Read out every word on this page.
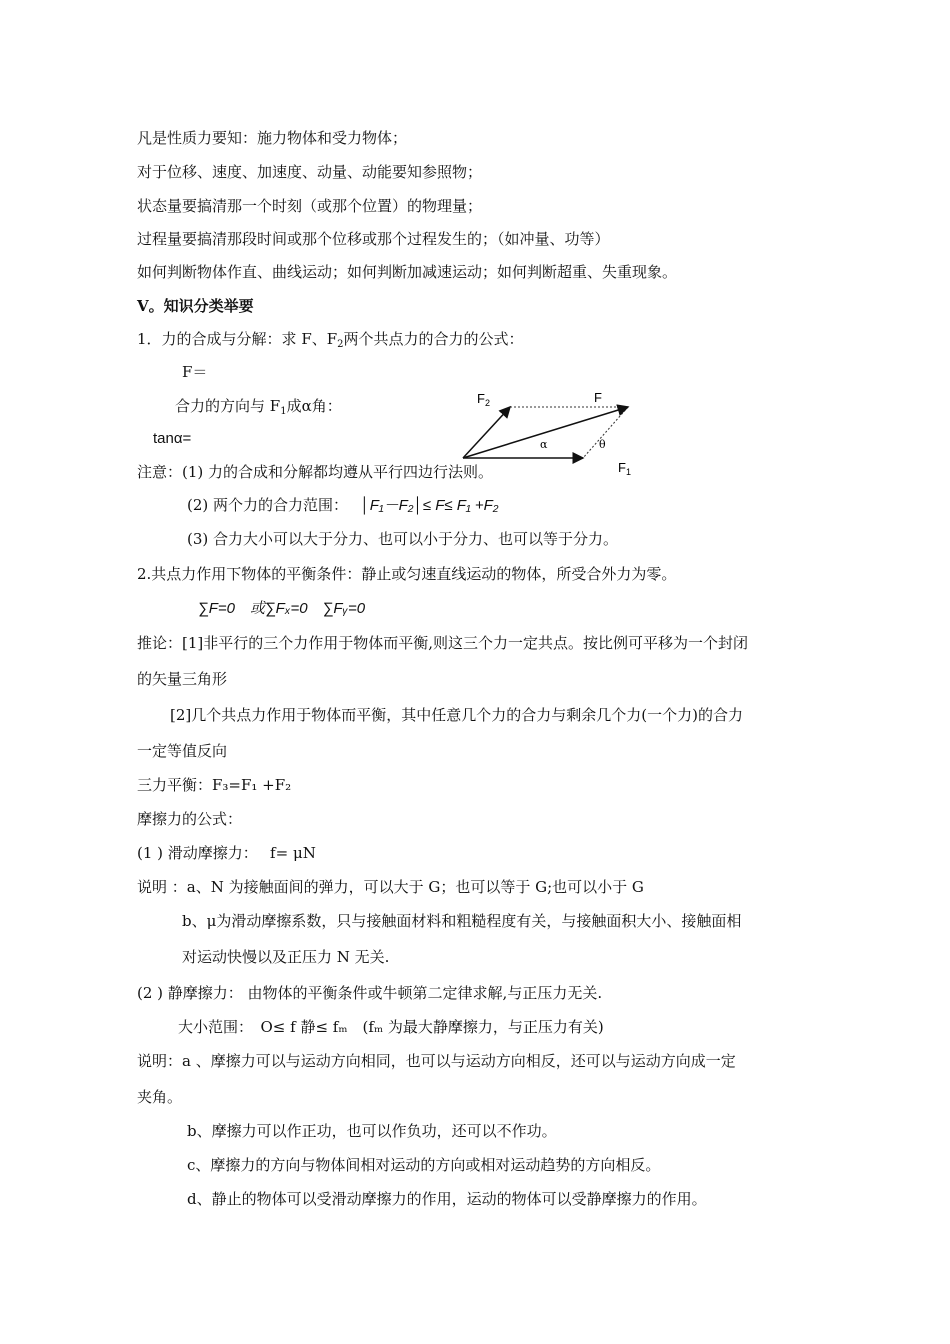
凡是性质力要知：施力物体和受力物体；
对于位移、速度、加速度、动量、动能要知参照物；
状态量要搞清那一个时刻（或那个位置）的物理量；
过程量要搞清那段时间或那个位移或那个过程发生的；（如冲量、功等）
如何判断物体作直、曲线运动；如何判断加减速运动；如何判断超重、失重现象。
V。知识分类举要
1．力的合成与分解：求 F、$F_2$两个共点力的合力的公式：
F＝
合力的方向与 $F_1$成α角：
tanα=
$F_2$	F
$F_1$
α	θ
注意：(1) 力的合成和分解都均遵从平行四边行法则。
(2) 两个力的合力范围：　 │F₁－F₂│≤ F≤ F₁ +F₂
(3) 合力大小可以大于分力、也可以小于分力、也可以等于分力。
2.共点力作用下物体的平衡条件：静止或匀速直线运动的物体，所受合外力为零。
∑F=0　或∑Fₓ=0　∑Fᵧ=0
推论：[1]非平行的三个力作用于物体而平衡,则这三个力一定共点。按比例可平移为一个封闭
的矢量三角形
[2]几个共点力作用于物体而平衡，其中任意几个力的合力与剩余几个力(一个力)的合力
一定等值反向
三力平衡：F₃=F₁ +F₂
摩擦力的公式：
(1 ) 滑动摩擦力：　 f= μN
说明 ：a、N 为接触面间的弹力，可以大于 G；也可以等于 G;也可以小于 G
b、μ为滑动摩擦系数，只与接触面材料和粗糙程度有关，与接触面积大小、接触面相
对运动快慢以及正压力 N 无关.
(2 ) 静摩擦力： 由物体的平衡条件或牛顿第二定律求解,与正压力无关.
大小范围：　O≤ f 静≤ fₘ　(fₘ 为最大静摩擦力，与正压力有关)
说明：a 、摩擦力可以与运动方向相同，也可以与运动方向相反，还可以与运动方向成一定
夹角。
b、摩擦力可以作正功，也可以作负功，还可以不作功。
c、摩擦力的方向与物体间相对运动的方向或相对运动趋势的方向相反。
d、静止的物体可以受滑动摩擦力的作用，运动的物体可以受静摩擦力的作用。
